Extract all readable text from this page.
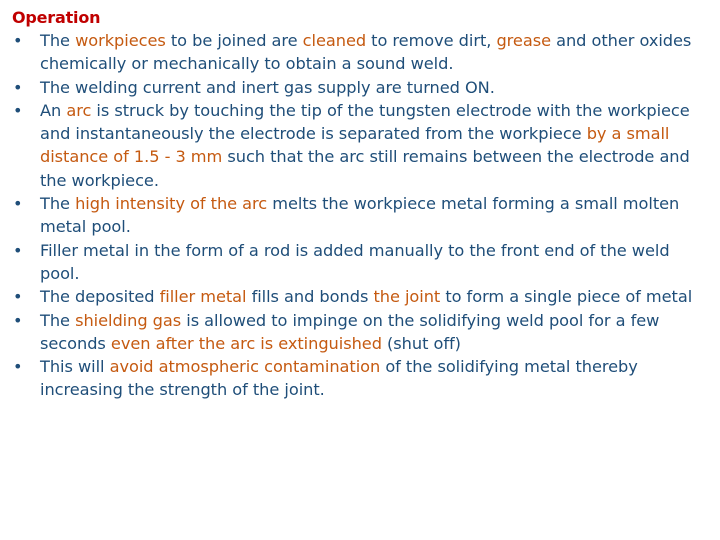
Operation
• The workpieces to be joined are cleaned to remove dirt, grease and other oxides chemically or mechanically to obtain a sound weld.
• The welding current and inert gas supply are turned ON.
• An arc is struck by touching the tip of the tungsten electrode with the workpiece and instantaneously the electrode is separated from the workpiece by a small distance of 1.5 - 3 mm such that the arc still remains between the electrode and the workpiece.
• The high intensity of the arc melts the workpiece metal forming a small molten metal pool.
• Filler metal in the form of a rod is added manually to the front end of the weld pool.
• The deposited filler metal fills and bonds the joint to form a single piece of metal
• The shielding gas is allowed to impinge on the solidifying weld pool for a few seconds even after the arc is extinguished (shut off)
• This will avoid atmospheric contamination of the solidifying metal thereby increasing the strength of the joint.
